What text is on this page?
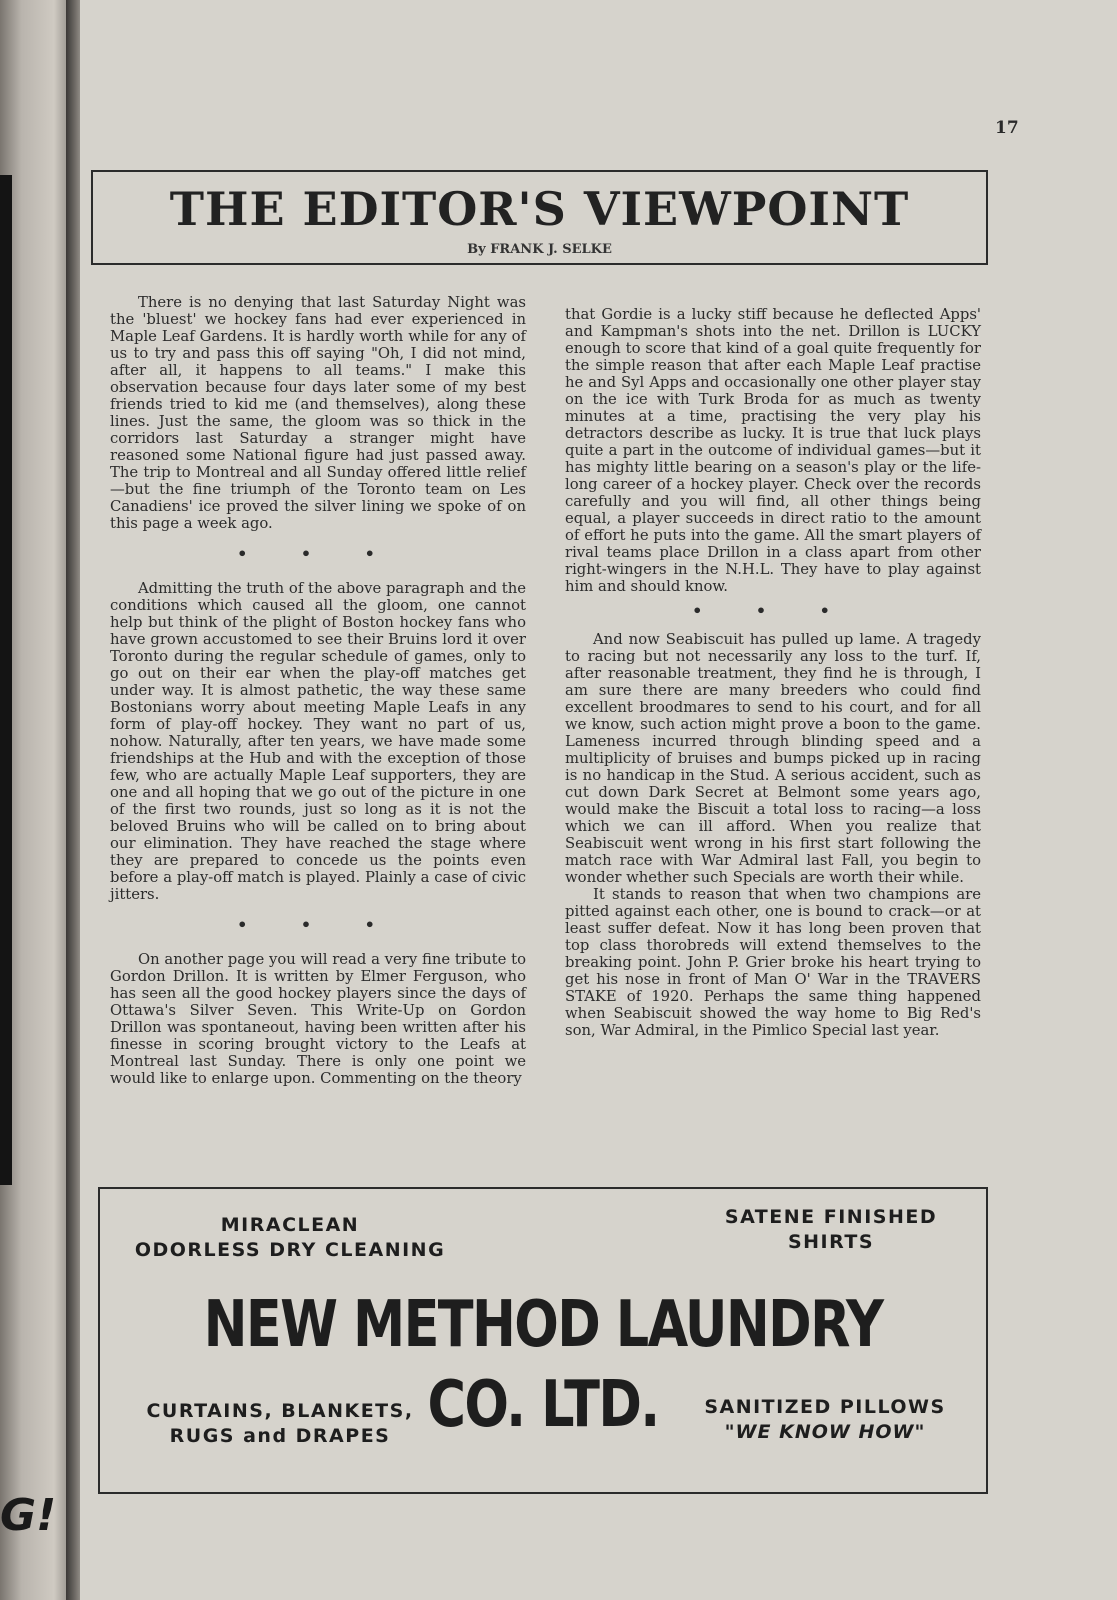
G!
17
THE EDITOR'S VIEWPOINT
By FRANK J. SELKE

There is no denying that last Saturday Night was the 'bluest' we hockey fans had ever experienced in Maple Leaf Gardens. It is hardly worth while for any of us to try and pass this off saying "Oh, I did not mind, after all, it happens to all teams." I make this observation because four days later some of my best friends tried to kid me (and themselves), along these lines. Just the same, the gloom was so thick in the corridors last Saturday a stranger might have reasoned some National figure had just passed away. The trip to Montreal and all Sunday offered little relief—but the fine triumph of the Toronto team on Les Canadiens' ice proved the silver lining we spoke of on this page a week ago.

• • •

Admitting the truth of the above paragraph and the conditions which caused all the gloom, one cannot help but think of the plight of Boston hockey fans who have grown accustomed to see their Bruins lord it over Toronto during the regular schedule of games, only to go out on their ear when the play-off matches get under way. It is almost pathetic, the way these same Bostonians worry about meeting Maple Leafs in any form of play-off hockey. They want no part of us, nohow. Naturally, after ten years, we have made some friendships at the Hub and with the exception of those few, who are actually Maple Leaf supporters, they are one and all hoping that we go out of the picture in one of the first two rounds, just so long as it is not the beloved Bruins who will be called on to bring about our elimination. They have reached the stage where they are prepared to concede us the points even before a play-off match is played. Plainly a case of civic jitters.

• • •

On another page you will read a very fine tribute to Gordon Drillon. It is written by Elmer Ferguson, who has seen all the good hockey players since the days of Ottawa's Silver Seven. This Write-Up on Gordon Drillon was spontaneout, having been written after his finesse in scoring brought victory to the Leafs at Montreal last Sunday. There is only one point we would like to enlarge upon. Commenting on the theory

that Gordie is a lucky stiff because he deflected Apps' and Kampman's shots into the net. Drillon is LUCKY enough to score that kind of a goal quite frequently for the simple reason that after each Maple Leaf practise he and Syl Apps and occasionally one other player stay on the ice with Turk Broda for as much as twenty minutes at a time, practising the very play his detractors describe as lucky. It is true that luck plays quite a part in the outcome of individual games—but it has mighty little bearing on a season's play or the life-long career of a hockey player. Check over the records carefully and you will find, all other things being equal, a player succeeds in direct ratio to the amount of effort he puts into the game. All the smart players of rival teams place Drillon in a class apart from other right-wingers in the N.H.L. They have to play against him and should know.

• • •

And now Seabiscuit has pulled up lame. A tragedy to racing but not necessarily any loss to the turf. If, after reasonable treatment, they find he is through, I am sure there are many breeders who could find excellent broodmares to send to his court, and for all we know, such action might prove a boon to the game. Lameness incurred through blinding speed and a multiplicity of bruises and bumps picked up in racing is no handicap in the Stud. A serious accident, such as cut down Dark Secret at Belmont some years ago, would make the Biscuit a total loss to racing—a loss which we can ill afford. When you realize that Seabiscuit went wrong in his first start following the match race with War Admiral last Fall, you begin to wonder whether such Specials are worth their while.

It stands to reason that when two champions are pitted against each other, one is bound to crack—or at least suffer defeat. Now it has long been proven that top class thorobreds will extend themselves to the breaking point. John P. Grier broke his heart trying to get his nose in front of Man O' War in the TRAVERS STAKE of 1920. Perhaps the same thing happened when Seabiscuit showed the way home to Big Red's son, War Admiral, in the Pimlico Special last year.

MIRACLEAN
ODORLESS DRY CLEANING
SATENE FINISHED
SHIRTS
NEW METHOD LAUNDRY CO. LTD.
CURTAINS, BLANKETS,
RUGS and DRAPES
SANITIZED PILLOWS
"WE KNOW HOW"
